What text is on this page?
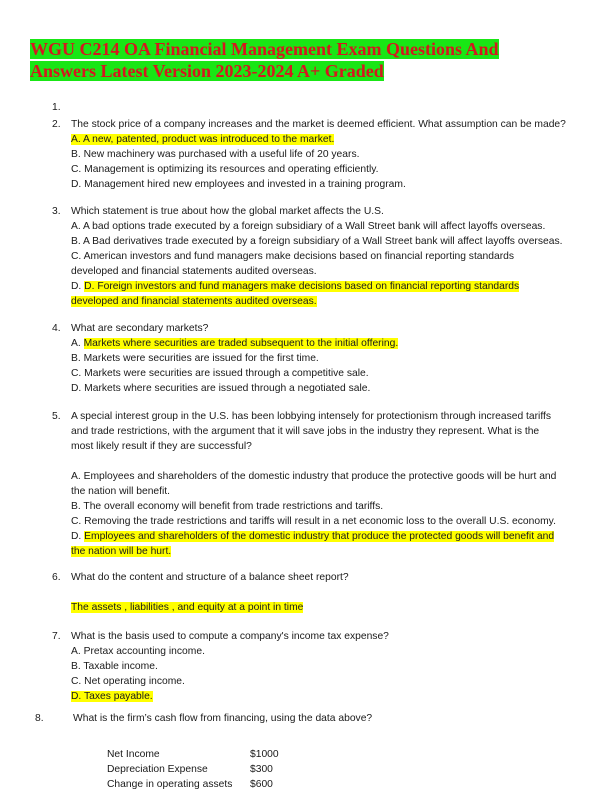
WGU C214 OA Financial Management Exam Questions And Answers Latest Version 2023-2024 A+ Graded
1.
2. The stock price of a company increases and the market is deemed efficient. What assumption can be made?
A. A new, patented, product was introduced to the market.
B. New machinery was purchased with a useful life of 20 years.
C. Management is optimizing its resources and operating efficiently.
D. Management hired new employees and invested in a training program.
3. Which statement is true about how the global market affects the U.S.
A. A bad options trade executed by a foreign subsidiary of a Wall Street bank will affect layoffs overseas.
B. A Bad derivatives trade executed by a foreign subsidiary of a Wall Street bank will affect layoffs overseas.
C. American investors and fund managers make decisions based on financial reporting standards developed and financial statements audited overseas.
D. D. Foreign investors and fund managers make decisions based on financial reporting standards developed and financial statements audited overseas.
4. What are secondary markets?
A. Markets where securities are traded subsequent to the initial offering.
B. Markets were securities are issued for the first time.
C. Markets were securities are issued through a competitive sale.
D. Markets where securities are issued through a negotiated sale.
5. A special interest group in the U.S. has been lobbying intensely for protectionism through increased tariffs and trade restrictions, with the argument that it will save jobs in the industry they represent. What is the most likely result if they are successful?

A. Employees and shareholders of the domestic industry that produce the protective goods will be hurt and the nation will benefit.
B. The overall economy will benefit from trade restrictions and tariffs.
C. Removing the trade restrictions and tariffs will result in a net economic loss to the overall U.S. economy.
D. Employees and shareholders of the domestic industry that produce the protected goods will benefit and the nation will be hurt.
6. What do the content and structure of a balance sheet report?

The assets , liabilities , and equity at a point in time
7. What is the basis used to compute a company's income tax expense?
A. Pretax accounting income.
B. Taxable income.
C. Net operating income.
D. Taxes payable.
8.	What is the firm’s cash flow from financing, using the data above?
Net Income	$1000
Depreciation Expense	$300
Change in operating assets	$600
